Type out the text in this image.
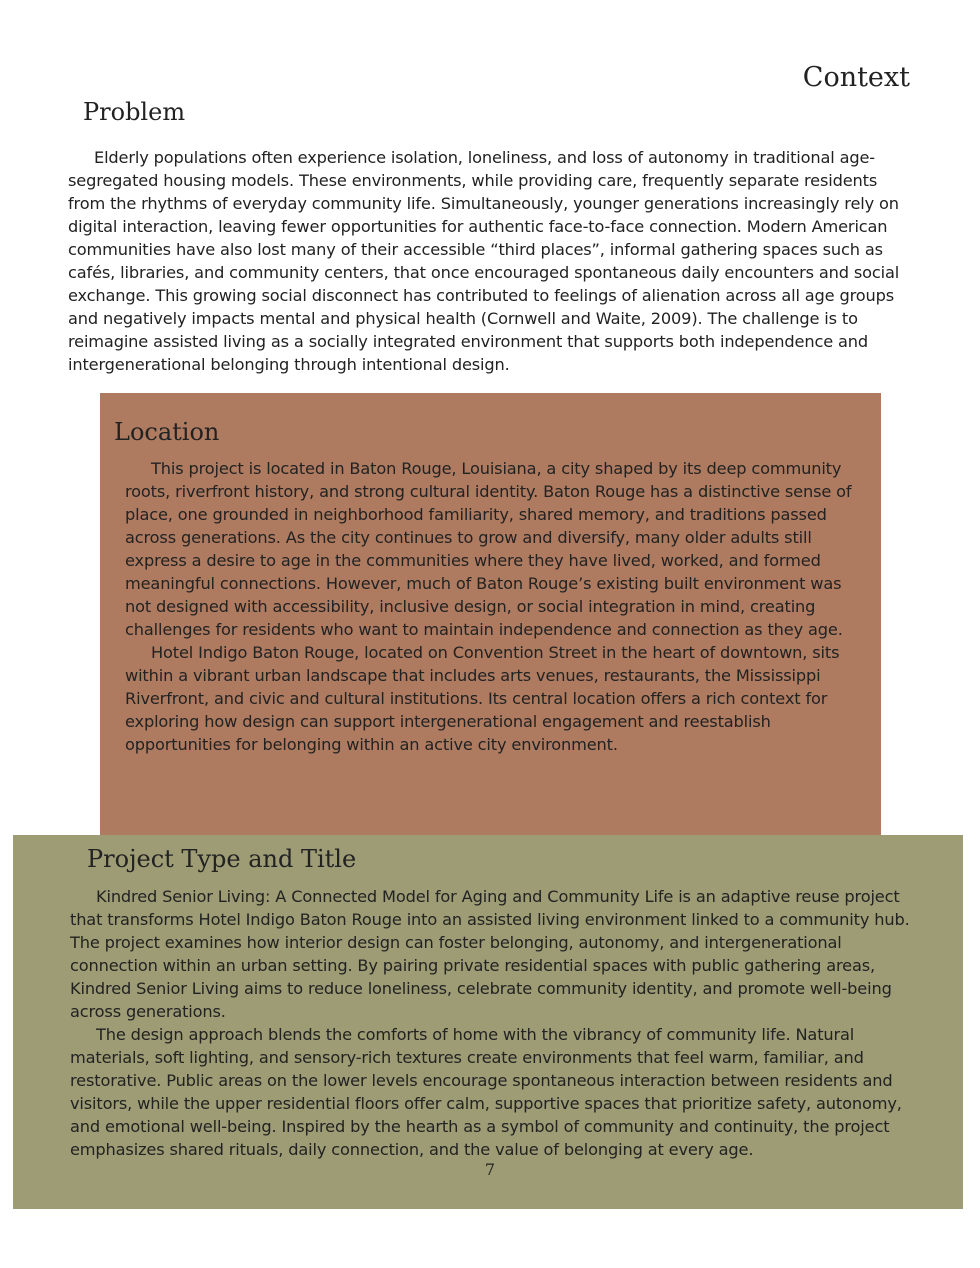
Context
Problem

Elderly populations often experience isolation, loneliness, and loss of autonomy in traditional age-segregated housing models. These environments, while providing care, frequently separate residents from the rhythms of everyday community life. Simultaneously, younger generations increasingly rely on digital interaction, leaving fewer opportunities for authentic face-to-face connection. Modern American communities have also lost many of their accessible “third places”, informal gathering spaces such as cafés, libraries, and community centers, that once encouraged spontaneous daily encounters and social exchange. This growing social disconnect has contributed to feelings of alienation across all age groups and negatively impacts mental and physical health (Cornwell and Waite, 2009). The challenge is to reimagine assisted living as a socially integrated environment that supports both independence and intergenerational belonging through intentional design.

Location

This project is located in Baton Rouge, Louisiana, a city shaped by its deep community roots, riverfront history, and strong cultural identity. Baton Rouge has a distinctive sense of place, one grounded in neighborhood familiarity, shared memory, and traditions passed across generations. As the city continues to grow and diversify, many older adults still express a desire to age in the communities where they have lived, worked, and formed meaningful connections. However, much of Baton Rouge’s existing built environment was not designed with accessibility, inclusive design, or social integration in mind, creating challenges for residents who want to maintain independence and connection as they age.

Hotel Indigo Baton Rouge, located on Convention Street in the heart of downtown, sits within a vibrant urban landscape that includes arts venues, restaurants, the Mississippi Riverfront, and civic and cultural institutions. Its central location offers a rich context for exploring how design can support intergenerational engagement and reestablish opportunities for belonging within an active city environment.

Project Type and Title

Kindred Senior Living: A Connected Model for Aging and Community Life is an adaptive reuse project that transforms Hotel Indigo Baton Rouge into an assisted living environment linked to a community hub. The project examines how interior design can foster belonging, autonomy, and intergenerational connection within an urban setting. By pairing private residential spaces with public gathering areas, Kindred Senior Living aims to reduce loneliness, celebrate community identity, and promote well-being across generations.

The design approach blends the comforts of home with the vibrancy of community life. Natural materials, soft lighting, and sensory-rich textures create environments that feel warm, familiar, and restorative. Public areas on the lower levels encourage spontaneous interaction between residents and visitors, while the upper residential floors offer calm, supportive spaces that prioritize safety, autonomy, and emotional well-being. Inspired by the hearth as a symbol of community and continuity, the project emphasizes shared rituals, daily connection, and the value of belonging at every age.

7
